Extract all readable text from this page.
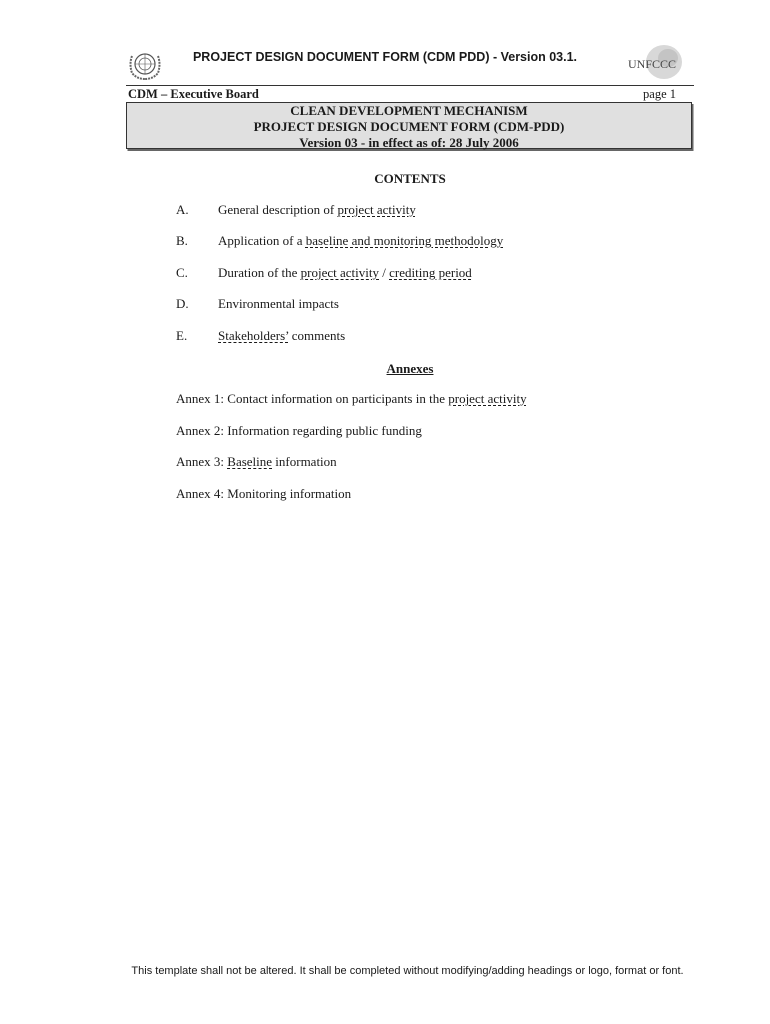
PROJECT DESIGN DOCUMENT FORM (CDM PDD) - Version 03.1.	UNFCCC
CDM – Executive Board	page 1
CLEAN DEVELOPMENT MECHANISM
PROJECT DESIGN DOCUMENT FORM (CDM-PDD)
Version 03 - in effect as of: 28 July 2006
CONTENTS
A. General description of project activity
B. Application of a baseline and monitoring methodology
C. Duration of the project activity / crediting period
D. Environmental impacts
E. Stakeholders’ comments
Annexes
Annex 1: Contact information on participants in the project activity
Annex 2: Information regarding public funding
Annex 3: Baseline information
Annex 4: Monitoring information
This template shall not be altered. It shall be completed without modifying/adding headings or logo, format or font.
